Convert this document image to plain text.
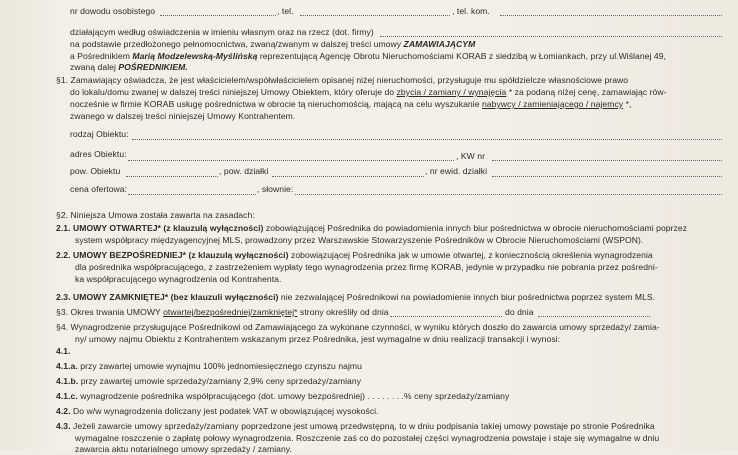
nr dowodu osobistego	, tel.	, tel. kom.
działającym według oświadczenia w imieniu własnym oraz na rzecz (dot. firmy)
na podstawie przedłożonego pełnomocnictwa, zwaną/zwanym w dalszej treści umowy ZAMAWIAJĄCYM
a Pośrednikiem Marią Modzelewską-Myślińską reprezentującą Agencję Obrotu Nieruchomościami KORAB z siedzibą w Łomiankach, przy ul.Wiślanej 49,
zwaną dalej POŚREDNIKIEM.
§1. Zamawiający oświadcza, że jest właścicielem/współwłaścicielem opisanej niżej nieruchomości, przysługuje mu spółdzielcze własnościowe prawo
do lokalu/domu zwanej w dalszej treści niniejszej Umowy Obiektem, który oferuje do zbycia / zamiany / wynajęcia * za podaną niżej cenę, zamawiając rów-
nocześnie w firmie KORAB usługę pośrednictwa w obrocie tą nieruchomością, mającą na celu wyszukanie nabywcy / zamieniającego / najemcy *,
zwanego w dalszej treści niniejszej Umowy Kontrahentem.
rodzaj Obiektu:
adres Obiektu:	, KW nr
pow. Obiektu	, pow. działki	, nr ewid. działki
cena ofertowa:	, słownie:
§2. Niniejsza Umowa została zawarta na zasadach:
2.1. UMOWY OTWARTEJ* (z klauzulą wyłączności) zobowiązującej Pośrednika do powiadomienia innych biur pośrednictwa w obrocie nieruchomościami poprzez
system współpracy międzyagencyjnej MLS, prowadzony przez Warszawskie Stowarzyszenie Pośredników w Obrocie Nieruchomościami (WSPON).
2.2. UMOWY BEZPOŚREDNIEJ* (z klauzulą wyłączności) zobowiązującej Pośrednika jak w umowie otwartej, z koniecznością określenia wynagrodzenia
dla pośrednika współpracującego, z zastrzeżeniem wypłaty tego wynagrodzenia przez firmę KORAB, jedynie w przypadku nie pobrania przez pośredni-
ka współpracującego wynagrodzenia od Kontrahenta.
2.3. UMOWY ZAMKNIĘTEJ* (bez klauzuli wyłączności) nie zezwalającej Pośrednikowi na powiadomienie innych biur pośrednictwa poprzez system MLS.
§3. Okres trwania UMOWY otwartej/bezpośredniej/zamkniętej* strony określiły od dnia	do dnia
§4. Wynagrodzenie przysługujące Pośrednikowi od Zamawiającego za wykonane czynności, w wyniku których doszło do zawarcia umowy sprzedaży/ zamia-
ny/ umowy najmu Obiektu z Kontrahentem wskazanym przez Pośrednika, jest wymagalne w dniu realizacji transakcji i wynosi:
4.1.
4.1.a. przy zawartej umowie wynajmu 100% jednomiesięcznego czynszu najmu
4.1.b. przy zawartej umowie sprzedaży/zamiany 2,9% ceny sprzedaży/zamiany
4.1.c. wynagrodzenie pośrednika współpracującego (dot. umowy bezpośredniej) . . . . . . . .% ceny sprzedaży/zamiany
4.2. Do w/w wynagrodzenia doliczany jest podatek VAT w obowiązującej wysokości.
4.3. Jeżeli zawarcie umowy sprzedaży/zamiany poprzedzone jest umową przedwstępną, to w dniu podpisania takiej umowy powstaje po stronie Pośrednika
wymagalne roszczenie o zapłatę połowy wynagrodzenia. Roszczenie zaś co do pozostałej części wynagrodzenia powstaje i staje się wymagalne w dniu
zawarcia aktu notarialnego umowy sprzedaży / zamiany.
